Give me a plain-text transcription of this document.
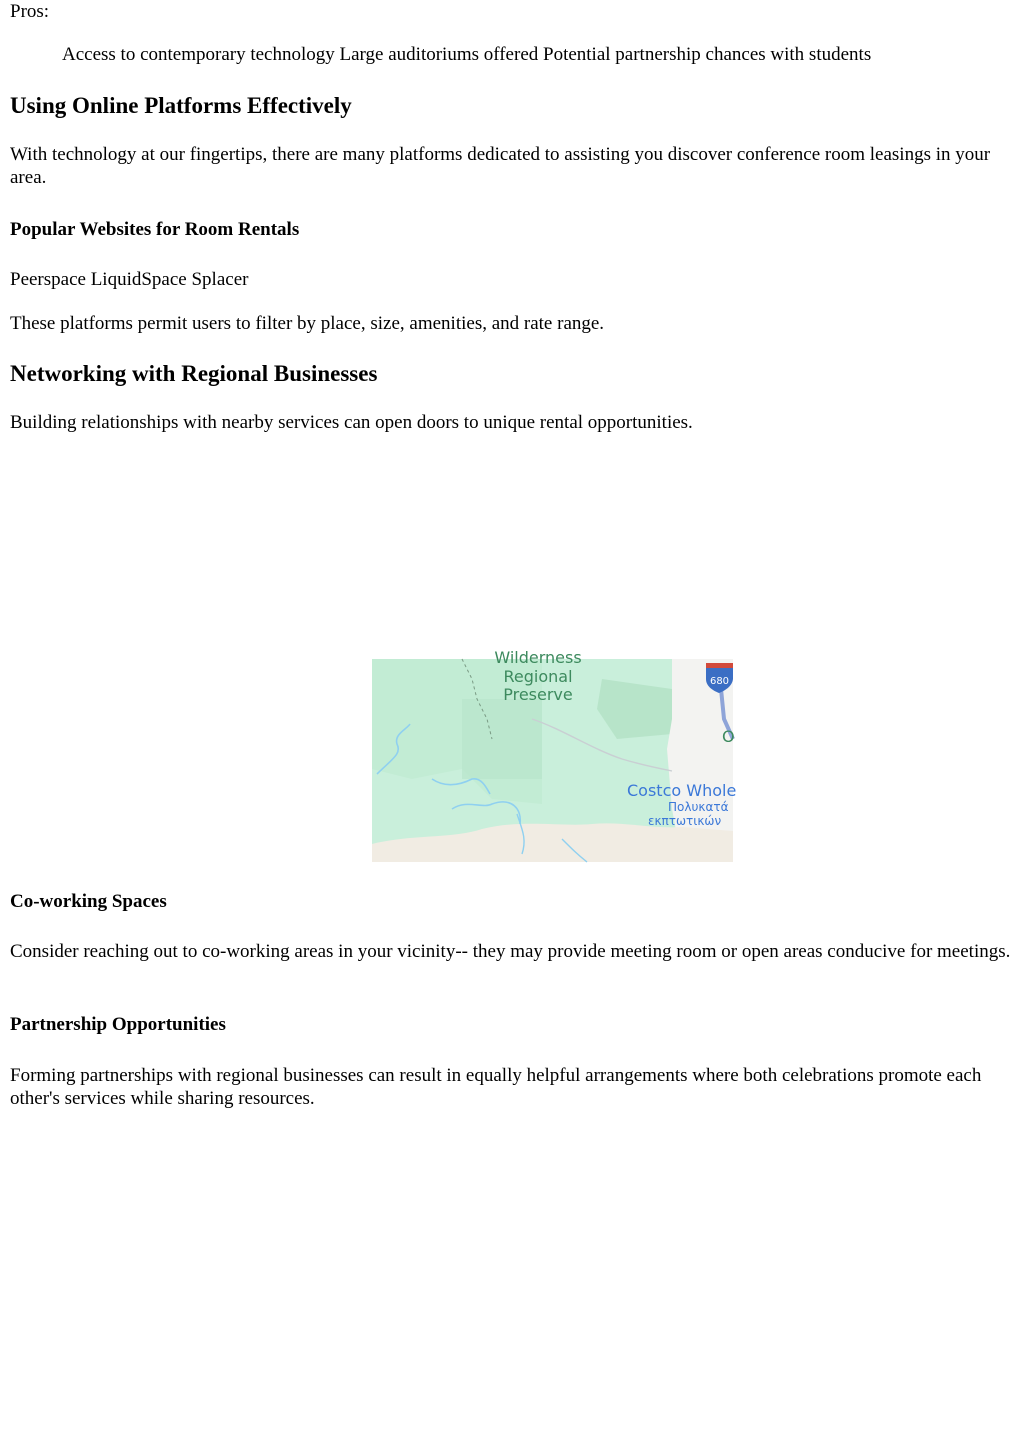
Pros:

Access to contemporary technology Large auditoriums offered Potential partnership chances with students

Using Online Platforms Effectively

With technology at our fingertips, there are many platforms dedicated to assisting you discover conference room leasings in your area.

Popular Websites for Room Rentals

Peerspace LiquidSpace Splacer

These platforms permit users to filter by place, size, amenities, and rate range.

Networking with Regional Businesses

Building relationships with nearby services can open doors to unique rental opportunities.

680
Wilderness
Regional
Preserve
O
Costco Whole
Πολυκατά
εκπτωτικών
Co-working Spaces

Consider reaching out to co-working areas in your vicinity-- they may provide meeting room or open areas conducive for meetings.

Partnership Opportunities

Forming partnerships with regional businesses can result in equally helpful arrangements where both celebrations promote each other's services while sharing resources.
